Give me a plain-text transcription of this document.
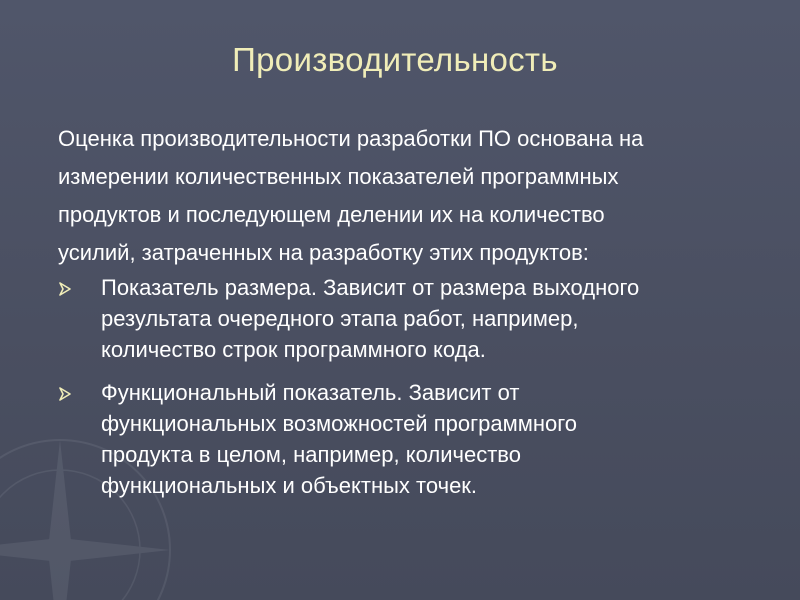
Производительность
Оценка производительности разработки ПО основана на
измерении количественных показателей программных
продуктов и последующем делении их на количество
усилий, затраченных на разработку этих продуктов:
Показатель размера. Зависит от размера выходного
результата очередного этапа работ, например,
количество строк программного кода.
Функциональный показатель. Зависит от
функциональных возможностей программного
продукта в целом, например, количество
функциональных и объектных точек.
